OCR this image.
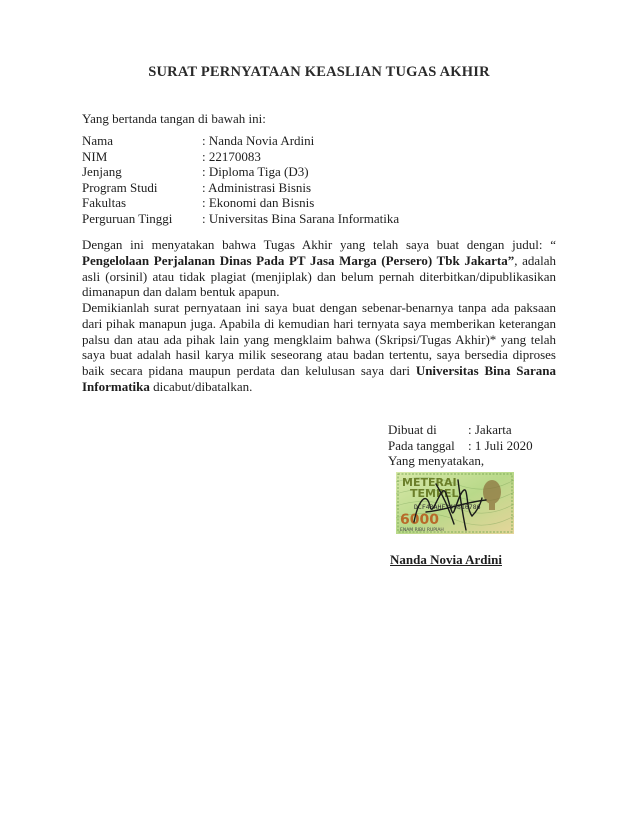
SURAT PERNYATAAN KEASLIAN TUGAS AKHIR
Yang bertanda tangan di bawah ini:
Nama	: Nanda Novia Ardini
NIM	: 22170083
Jenjang	: Diploma Tiga (D3)
Program Studi	: Administrasi Bisnis
Fakultas	: Ekonomi dan Bisnis
Perguruan Tinggi : Universitas Bina Sarana Informatika
Dengan ini menyatakan bahwa Tugas Akhir yang telah saya buat dengan judul: “ Pengelolaan Perjalanan Dinas Pada PT Jasa Marga (Persero) Tbk Jakarta”, adalah asli (orsinil) atau tidak plagiat (menjiplak) dan belum pernah diterbitkan/dipublikasikan dimanapun dan dalam bentuk apapun.
Demikianlah surat pernyataan ini saya buat dengan sebenar-benarnya tanpa ada paksaan dari pihak manapun juga. Apabila di kemudian hari ternyata saya memberikan keterangan palsu dan atau ada pihak lain yang mengklaim bahwa (Skripsi/Tugas Akhir)* yang telah saya buat adalah hasil karya milik seseorang atau badan tertentu, saya bersedia diproses baik secara pidana maupun perdata dan kelulusan saya dari Universitas Bina Sarana Informatika dicabut/dibatalkan.
Dibuat di : Jakarta
Pada tanggal : 1 Juli 2020
Yang menyatakan,
METERAI
TEMPEL
DCF43AHF349816786
6000
ENAM RIBU RUPIAH
Nanda Novia Ardini
